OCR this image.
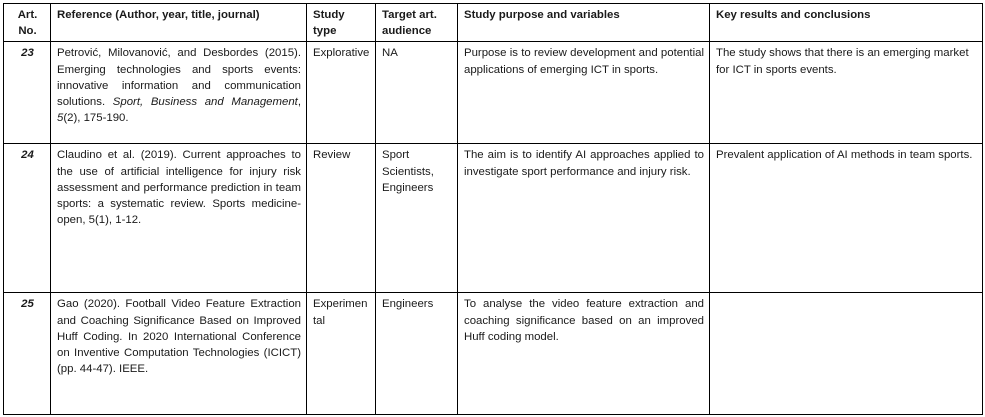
Art. No.	Reference (Author, year, title, journal)	Study type	Target art. audience	Study purpose and variables	Key results and conclusions
23	Petrović, Milovanović, and Desbordes (2015). Emerging technologies and sports events: innovative information and communication solutions. Sport, Business and Management, 5(2), 175-190.	Explorative	NA	Purpose is to review development and potential applications of emerging ICT in sports.	The study shows that there is an emerging market for ICT in sports events.
24	Claudino et al. (2019). Current approaches to the use of artificial intelligence for injury risk assessment and performance prediction in team sports: a systematic review. Sports medicine-open, 5(1), 1-12.	Review	Sport Scientists, Engineers	The aim is to identify AI approaches applied to investigate sport performance and injury risk.	Prevalent application of AI methods in team sports.
25	Gao (2020). Football Video Feature Extraction and Coaching Significance Based on Improved Huff Coding. In 2020 International Conference on Inventive Computation Technologies (ICICT) (pp. 44-47). IEEE.	Experimental	Engineers	To analyse the video feature extraction and coaching significance based on an improved Huff coding model.	
